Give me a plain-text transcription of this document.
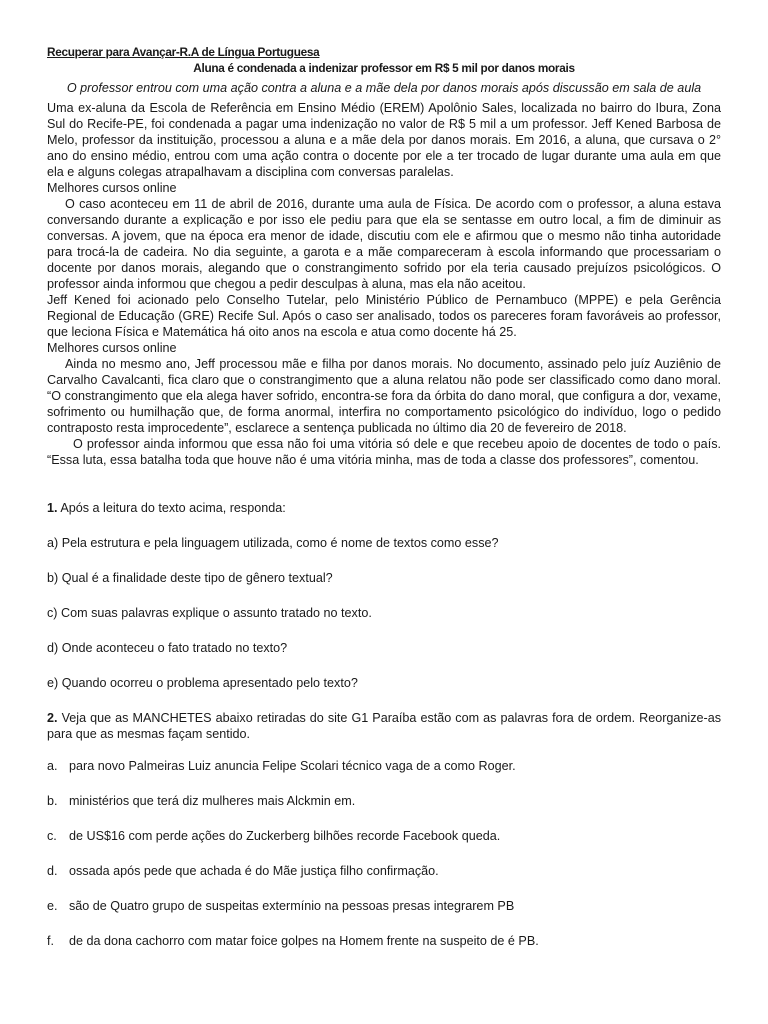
Recuperar para Avançar-R.A de Língua Portuguesa
Aluna é condenada a indenizar professor em R$ 5 mil por danos morais
O professor entrou com uma ação contra a aluna e a mãe dela por danos morais após discussão em sala de aula

Uma ex-aluna da Escola de Referência em Ensino Médio (EREM) Apolônio Sales, localizada no bairro do Ibura, Zona Sul do Recife-PE, foi condenada a pagar uma indenização no valor de R$ 5 mil a um professor. Jeff Kened Barbosa de Melo, professor da instituição, processou a aluna e a mãe dela por danos morais. Em 2016, a aluna, que cursava o 2° ano do ensino médio, entrou com uma ação contra o docente por ele a ter trocado de lugar durante uma aula em que ela e alguns colegas atrapalhavam a disciplina com conversas paralelas.

Melhores cursos online

O caso aconteceu em 11 de abril de 2016, durante uma aula de Física. De acordo com o professor, a aluna estava conversando durante a explicação e por isso ele pediu para que ela se sentasse em outro local, a fim de diminuir as conversas. A jovem, que na época era menor de idade, discutiu com ele e afirmou que o mesmo não tinha autoridade para trocá-la de cadeira. No dia seguinte, a garota e a mãe compareceram à escola informando que processariam o docente por danos morais, alegando que o constrangimento sofrido por ela teria causado prejuízos psicológicos. O professor ainda informou que chegou a pedir desculpas à aluna, mas ela não aceitou.

Jeff Kened foi acionado pelo Conselho Tutelar, pelo Ministério Público de Pernambuco (MPPE) e pela Gerência Regional de Educação (GRE) Recife Sul. Após o caso ser analisado, todos os pareceres foram favoráveis ao professor, que leciona Física e Matemática há oito anos na escola e atua como docente há 25.

Melhores cursos online

Ainda no mesmo ano, Jeff processou mãe e filha por danos morais. No documento, assinado pelo juíz Auziênio de Carvalho Cavalcanti, fica claro que o constrangimento que a aluna relatou não pode ser classificado como dano moral. “O constrangimento que ela alega haver sofrido, encontra-se fora da órbita do dano moral, que configura a dor, vexame, sofrimento ou humilhação que, de forma anormal, interfira no comportamento psicológico do indivíduo, logo o pedido contraposto resta improcedente”, esclarece a sentença publicada no último dia 20 de fevereiro de 2018.

O professor ainda informou que essa não foi uma vitória só dele e que recebeu apoio de docentes de todo o país. “Essa luta, essa batalha toda que houve não é uma vitória minha, mas de toda a classe dos professores”, comentou.

1. Após a leitura do texto acima, responda:

a) Pela estrutura e pela linguagem utilizada, como é nome de textos como esse?

b) Qual é a finalidade deste tipo de gênero textual?

c) Com suas palavras explique o assunto tratado no texto.

d) Onde aconteceu o fato tratado no texto?

e) Quando ocorreu o problema apresentado pelo texto?

2. Veja que as MANCHETES abaixo retiradas do site G1 Paraíba estão com as palavras fora de ordem. Reorganize-as para que as mesmas façam sentido.

a. para novo Palmeiras Luiz anuncia Felipe Scolari técnico vaga de a como Roger.

b. ministérios que terá diz mulheres mais Alckmin em.

c. de US$16 com perde ações do Zuckerberg bilhões recorde Facebook queda.

d. ossada após pede que achada é do Mãe justiça filho confirmação.

e. são de Quatro grupo de suspeitas extermínio na pessoas presas integrarem PB

f. de da dona cachorro com matar foice golpes na Homem frente na suspeito de é PB.
